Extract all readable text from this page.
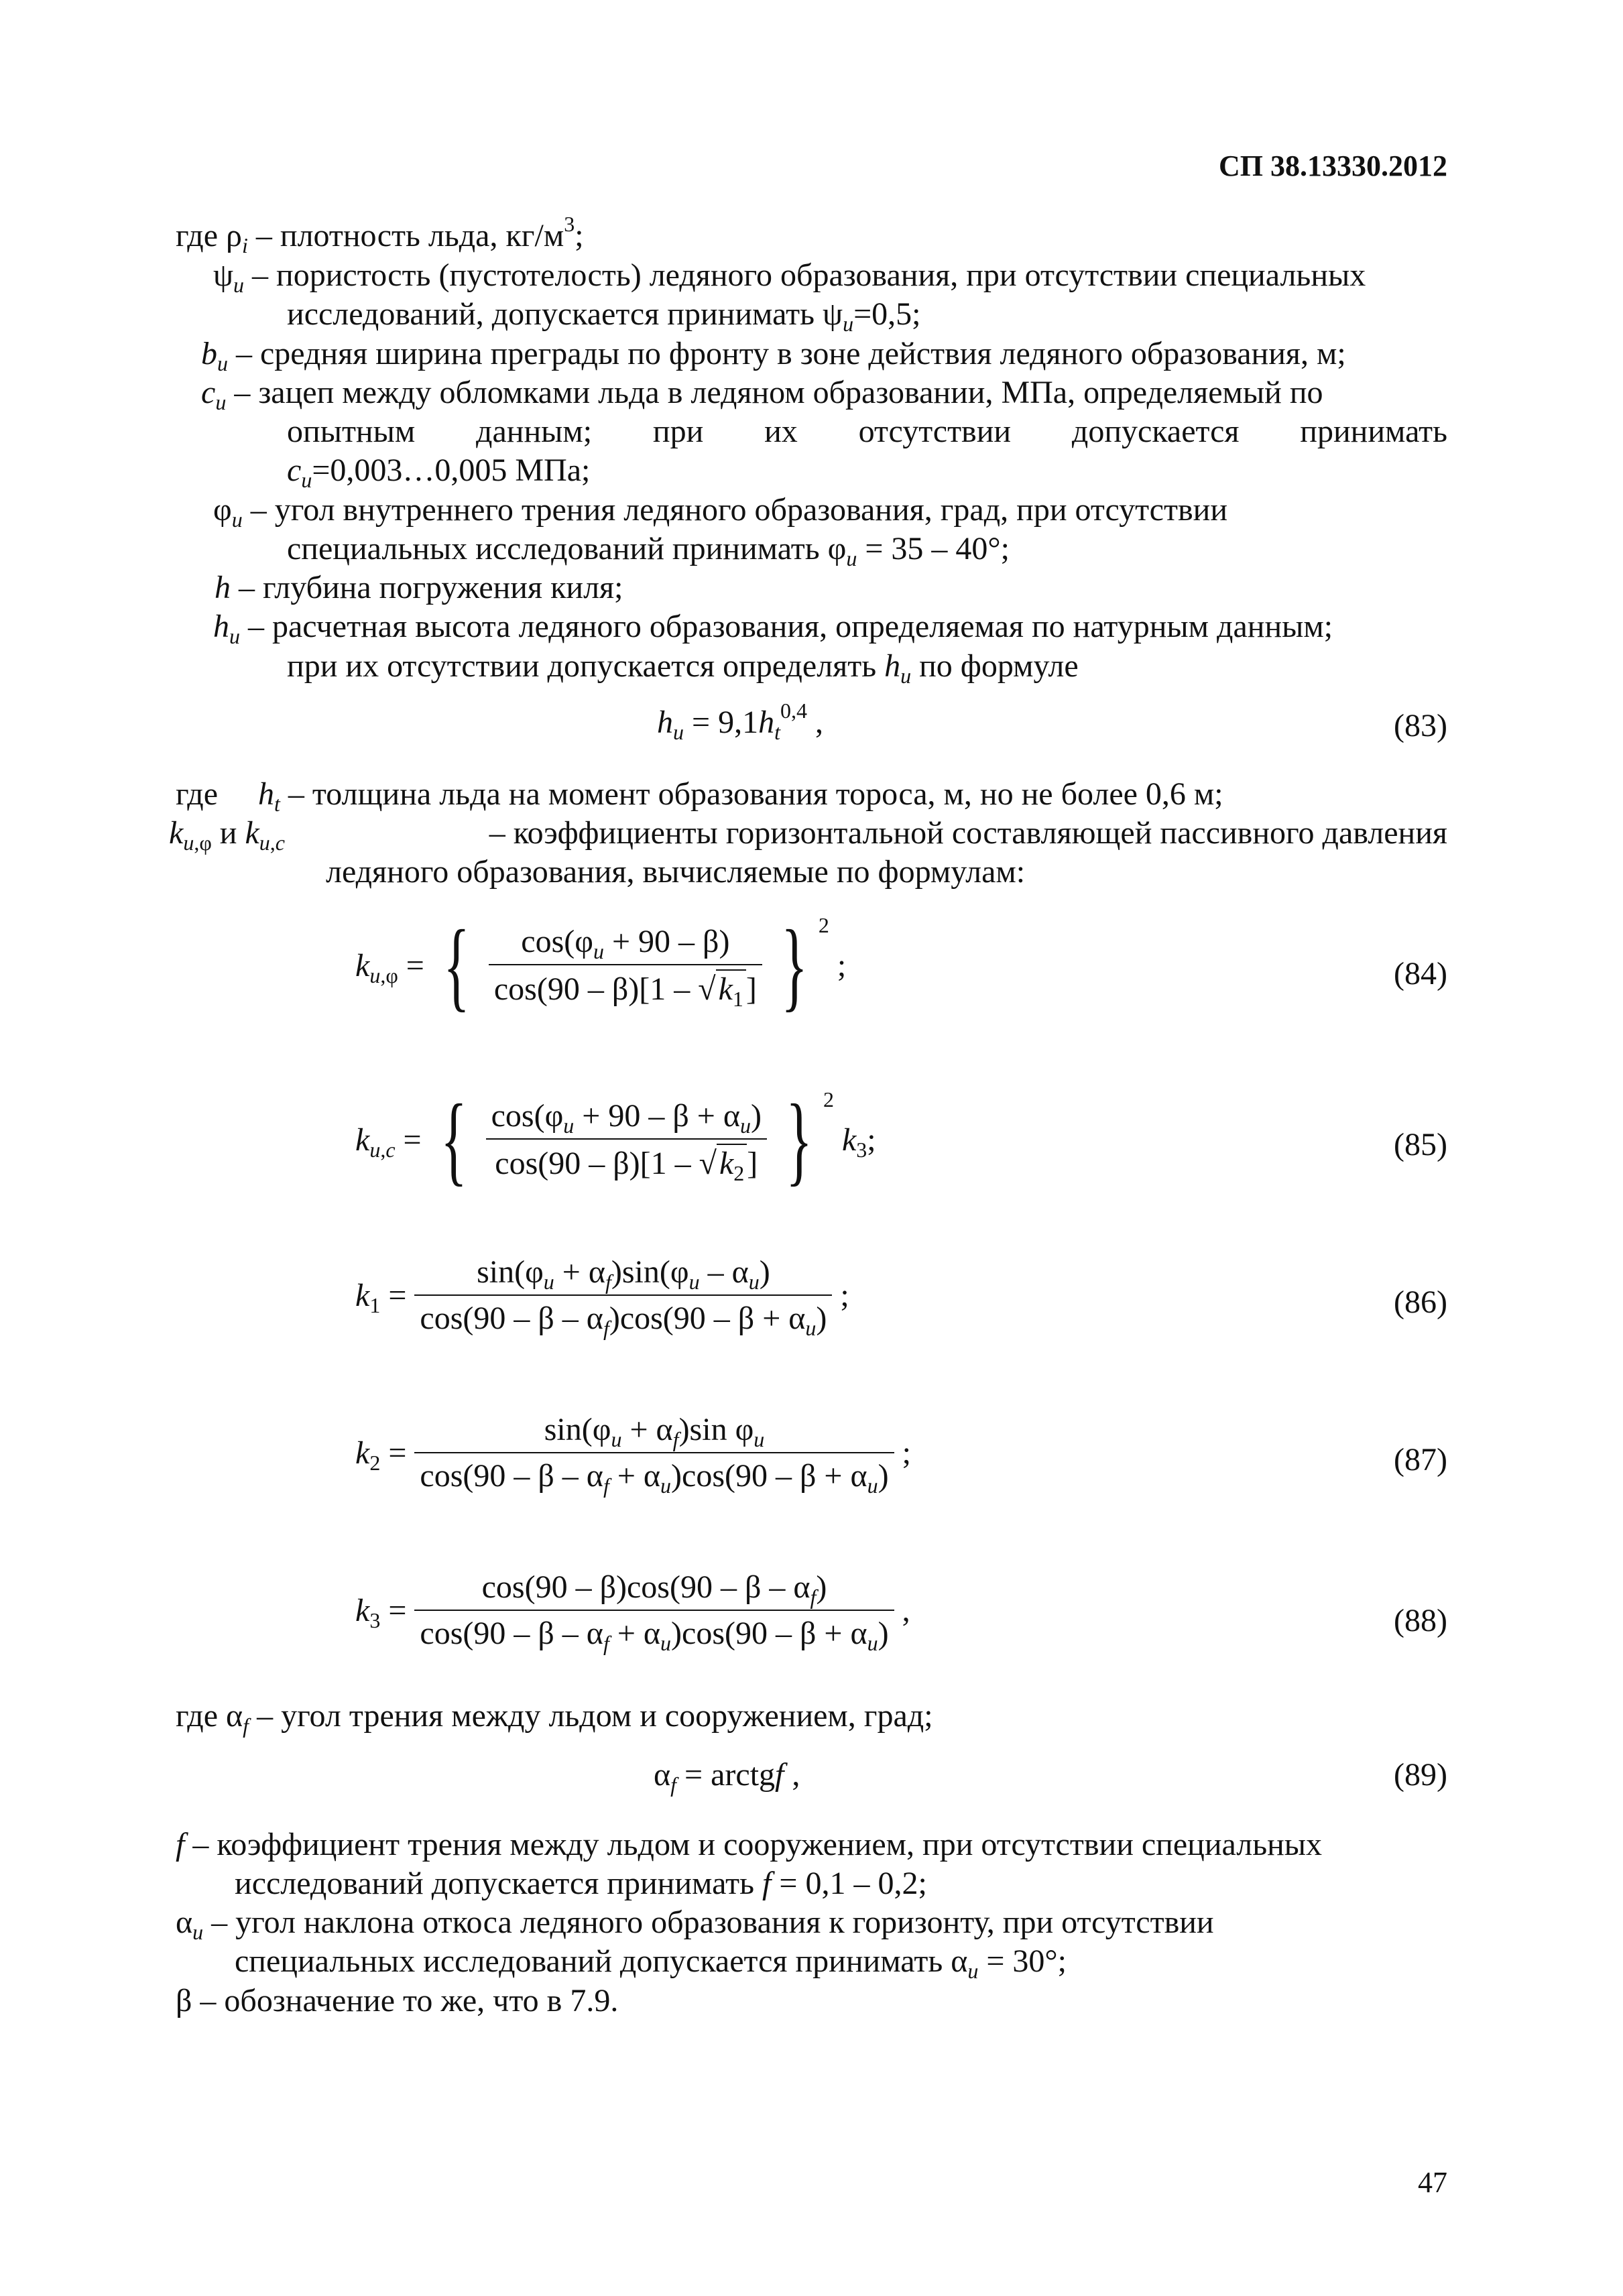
СП 38.13330.2012
где $\rho_i$ – плотность льда, $кг/м^3$;
$\psi_u$ – пористость (пустотелость) ледяного образования, при отсутствии специальных
исследований, допускается принимать $\psi_u=0,5$;
$b_u$ – средняя ширина преграды по фронту в зоне действия ледяного образования, м;
$c_u$ – зацеп между обломками льда в ледяном образовании, МПа, определяемый по
опытным данным; при их отсутствии допускается принимать
$c_u=0,003\dots 0,005$ МПа;
$\varphi_u$ – угол внутреннего трения ледяного образования, град, при отсутствии
специальных исследований принимать $\varphi_u = 35 - 40^\circ$;
h – глубина погружения киля;
$h_u$ – расчетная высота ледяного образования, определяемая по натурным данным;
при их отсутствии допускается определять $h_u$ по формуле
$h_u = 9,1h_t^{0,4}$ ,	(83)
где $h_t$ – толщина льда на момент образования тороса, м, но не более 0,6 м;
$k_{u,\varphi}$ и $k_{u,c}$	– коэффициенты горизонтальной составляющей пассивного давления
ледяного образования, вычисляемые по формулам:
$k_{u,\varphi}$ = { $\frac{\cos(\varphi_u + 90 - \beta)}{\cos(90 - \beta)[1 - √k_1]}$ } $^2$ ;	(84)
$k_{u,c}$ = { $\frac{\cos(\varphi_u + 90 - \beta + \alpha_u)}{\cos(90 - \beta)[1 - √k_2]}$ } $^2$ $k_3$;	(85)
$k_1 = \frac{\sin(\varphi_u + \alpha_f)\sin(\varphi_u - \alpha_u)}{\cos(90 - \beta - \alpha_f)\cos(90 - \beta + \alpha_u)}$ ;	(86)
$k_2 = \frac{\sin(\varphi_u + \alpha_f)\sin \varphi_u}{\cos(90 - \beta - \alpha_f + \alpha_u)\cos(90 - \beta + \alpha_u)}$ ;	(87)
$k_3 = \frac{\cos(90 - \beta)\cos(90 - \beta - \alpha_f)}{\cos(90 - \beta - \alpha_f + \alpha_u)\cos(90 - \beta + \alpha_u)}$ ,	(88)
где $\alpha_f$ – угол трения между льдом и сооружением, град;
$\alpha_f$ = arctgf ,	(89)
f – коэффициент трения между льдом и сооружением, при отсутствии специальных
исследований допускается принимать f = 0,1 – 0,2;
$\alpha_u$ – угол наклона откоса ледяного образования к горизонту, при отсутствии
специальных исследований допускается принимать $\alpha_u = 30^\circ$;
β – обозначение то же, что в 7.9.
47
